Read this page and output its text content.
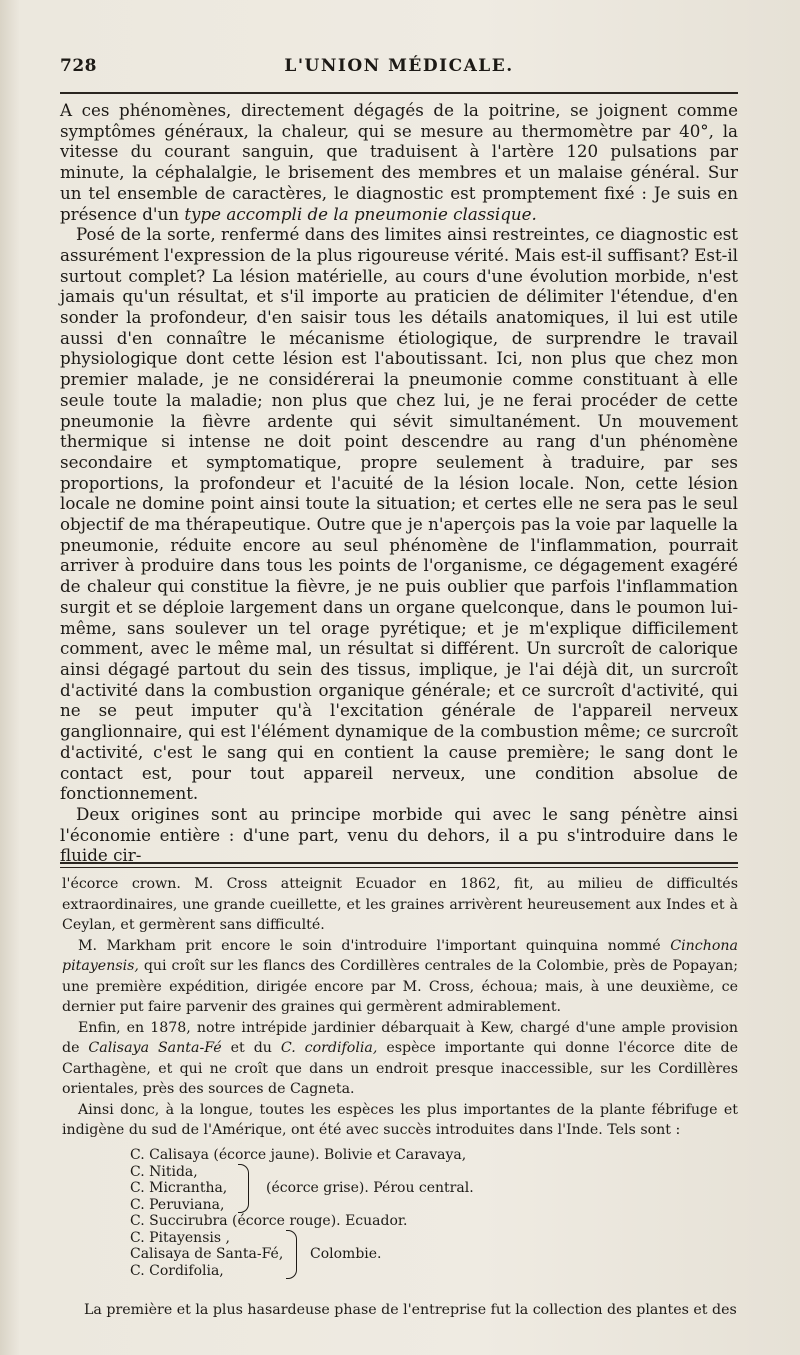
728	L'UNION MÉDICALE.

A ces phénomènes, directement dégagés de la poitrine, se joignent comme symptômes généraux, la chaleur, qui se mesure au thermomètre par 40°, la vitesse du courant sanguin, que traduisent à l'artère 120 pulsations par minute, la céphalalgie, le brisement des membres et un malaise général. Sur un tel ensemble de caractères, le diagnostic est promptement fixé : Je suis en présence d'un type accompli de la pneumonie classique.

Posé de la sorte, renfermé dans des limites ainsi restreintes, ce diagnostic est assurément l'expression de la plus rigoureuse vérité. Mais est-il suffisant? Est-il surtout complet? La lésion matérielle, au cours d'une évolution morbide, n'est jamais qu'un résultat, et s'il importe au praticien de délimiter l'étendue, d'en sonder la profondeur, d'en saisir tous les détails anatomiques, il lui est utile aussi d'en connaître le mécanisme étiologique, de surprendre le travail physiologique dont cette lésion est l'aboutissant. Ici, non plus que chez mon premier malade, je ne considérerai la pneumonie comme constituant à elle seule toute la maladie; non plus que chez lui, je ne ferai procéder de cette pneumonie la fièvre ardente qui sévit simultanément. Un mouvement thermique si intense ne doit point descendre au rang d'un phénomène secondaire et symptomatique, propre seulement à traduire, par ses proportions, la profondeur et l'acuité de la lésion locale. Non, cette lésion locale ne domine point ainsi toute la situation; et certes elle ne sera pas le seul objectif de ma thérapeutique. Outre que je n'aperçois pas la voie par laquelle la pneumonie, réduite encore au seul phénomène de l'inflammation, pourrait arriver à produire dans tous les points de l'organisme, ce dégagement exagéré de chaleur qui constitue la fièvre, je ne puis oublier que parfois l'inflammation surgit et se déploie largement dans un organe quelconque, dans le poumon lui-même, sans soulever un tel orage pyrétique; et je m'explique difficilement comment, avec le même mal, un résultat si différent. Un surcroît de calorique ainsi dégagé partout du sein des tissus, implique, je l'ai déjà dit, un surcroît d'activité dans la combustion organique générale; et ce surcroît d'activité, qui ne se peut imputer qu'à l'excitation générale de l'appareil nerveux ganglionnaire, qui est l'élément dynamique de la combustion même; ce surcroît d'activité, c'est le sang qui en contient la cause première; le sang dont le contact est, pour tout appareil nerveux, une condition absolue de fonctionnement.

Deux origines sont au principe morbide qui avec le sang pénètre ainsi l'économie entière : d'une part, venu du dehors, il a pu s'introduire dans le fluide cir-

l'écorce crown. M. Cross atteignit Ecuador en 1862, fit, au milieu de difficultés extraordinaires, une grande cueillette, et les graines arrivèrent heureusement aux Indes et à Ceylan, et germèrent sans difficulté.

M. Markham prit encore le soin d'introduire l'important quinquina nommé Cinchona pitayensis, qui croît sur les flancs des Cordillères centrales de la Colombie, près de Popayan; une première expédition, dirigée encore par M. Cross, échoua; mais, à une deuxième, ce dernier put faire parvenir des graines qui germèrent admirablement.

Enfin, en 1878, notre intrépide jardinier débarquait à Kew, chargé d'une ample provision de Calisaya Santa-Fé et du C. cordifolia, espèce importante qui donne l'écorce dite de Carthagène, et qui ne croît que dans un endroit presque inaccessible, sur les Cordillères orientales, près des sources de Cagneta.

Ainsi donc, à la longue, toutes les espèces les plus importantes de la plante fébrifuge et indigène du sud de l'Amérique, ont été avec succès introduites dans l'Inde. Tels sont :

C. Calisaya (écorce jaune). Bolivie et Caravaya,
C. Nitida,
C. Micrantha,
C. Peruviana,
(écorce grise). Pérou central.
C. Succirubra (écorce rouge). Ecuador.
C. Pitayensis ,
Calisaya de Santa-Fé,
C. Cordifolia,
Colombie.
La première et la plus hasardeuse phase de l'entreprise fut la collection des plantes et des
